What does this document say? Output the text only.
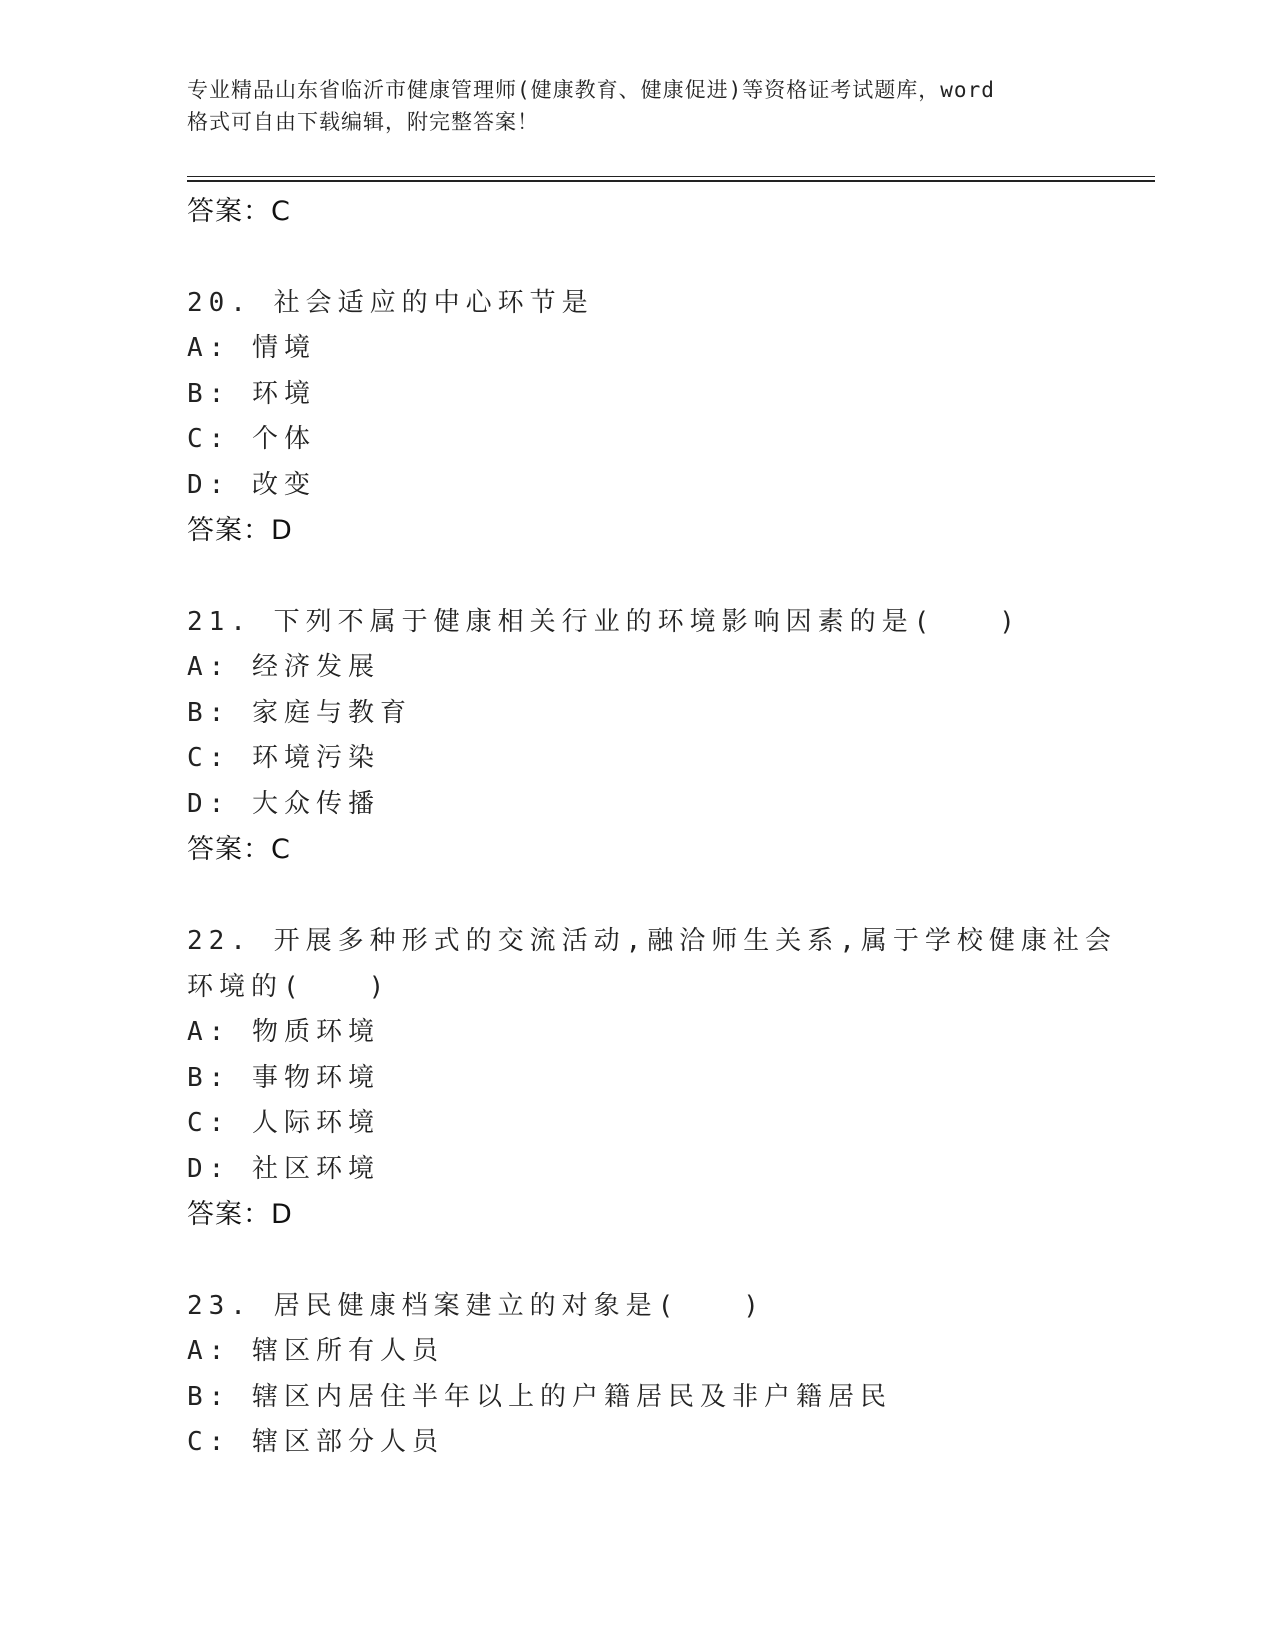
专业精品山东省临沂市健康管理师(健康教育、健康促进)等资格证考试题库，word
格式可自由下载编辑，附完整答案！
答案：C
20. 社会适应的中心环节是
A: 情境
B: 环境
C: 个体
D: 改变
答案：D
21. 下列不属于健康相关行业的环境影响因素的是(　　)
A: 经济发展
B: 家庭与教育
C: 环境污染
D: 大众传播
答案：C
22. 开展多种形式的交流活动,融洽师生关系,属于学校健康社会环境的(　　)
A: 物质环境
B: 事物环境
C: 人际环境
D: 社区环境
答案：D
23. 居民健康档案建立的对象是(　　)
A: 辖区所有人员
B: 辖区内居住半年以上的户籍居民及非户籍居民
C: 辖区部分人员
